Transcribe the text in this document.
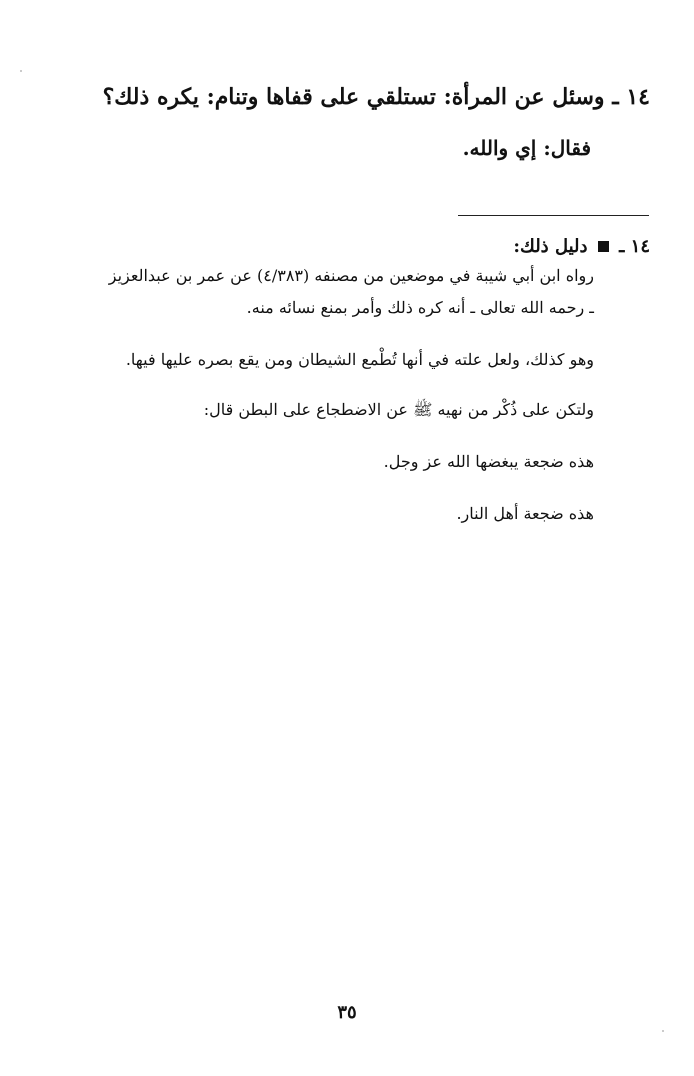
١٤ ـ وسئل عن المرأة: تستلقي على قفاها وتنام: يكره ذلك؟
فقال: إي والله.
١٤ ـ  دليل ذلك:
رواه ابن أبي شيبة في موضعين من مصنفه (٤/٣٨٣) عن عمر بن عبدالعزيز
ـ رحمه الله تعالى ـ أنه كره ذلك وأمر بمنع نسائه منه.
وهو كذلك، ولعل علته في أنها تُطْمع الشيطان ومن يقع بصره عليها فيها.
ولتكن على ذُكْر من نهيه ﷺ عن الاضطجاع على البطن قال:
هذه ضجعة يبغضها الله عز وجل.
هذه ضجعة أهل النار.
٣٥
